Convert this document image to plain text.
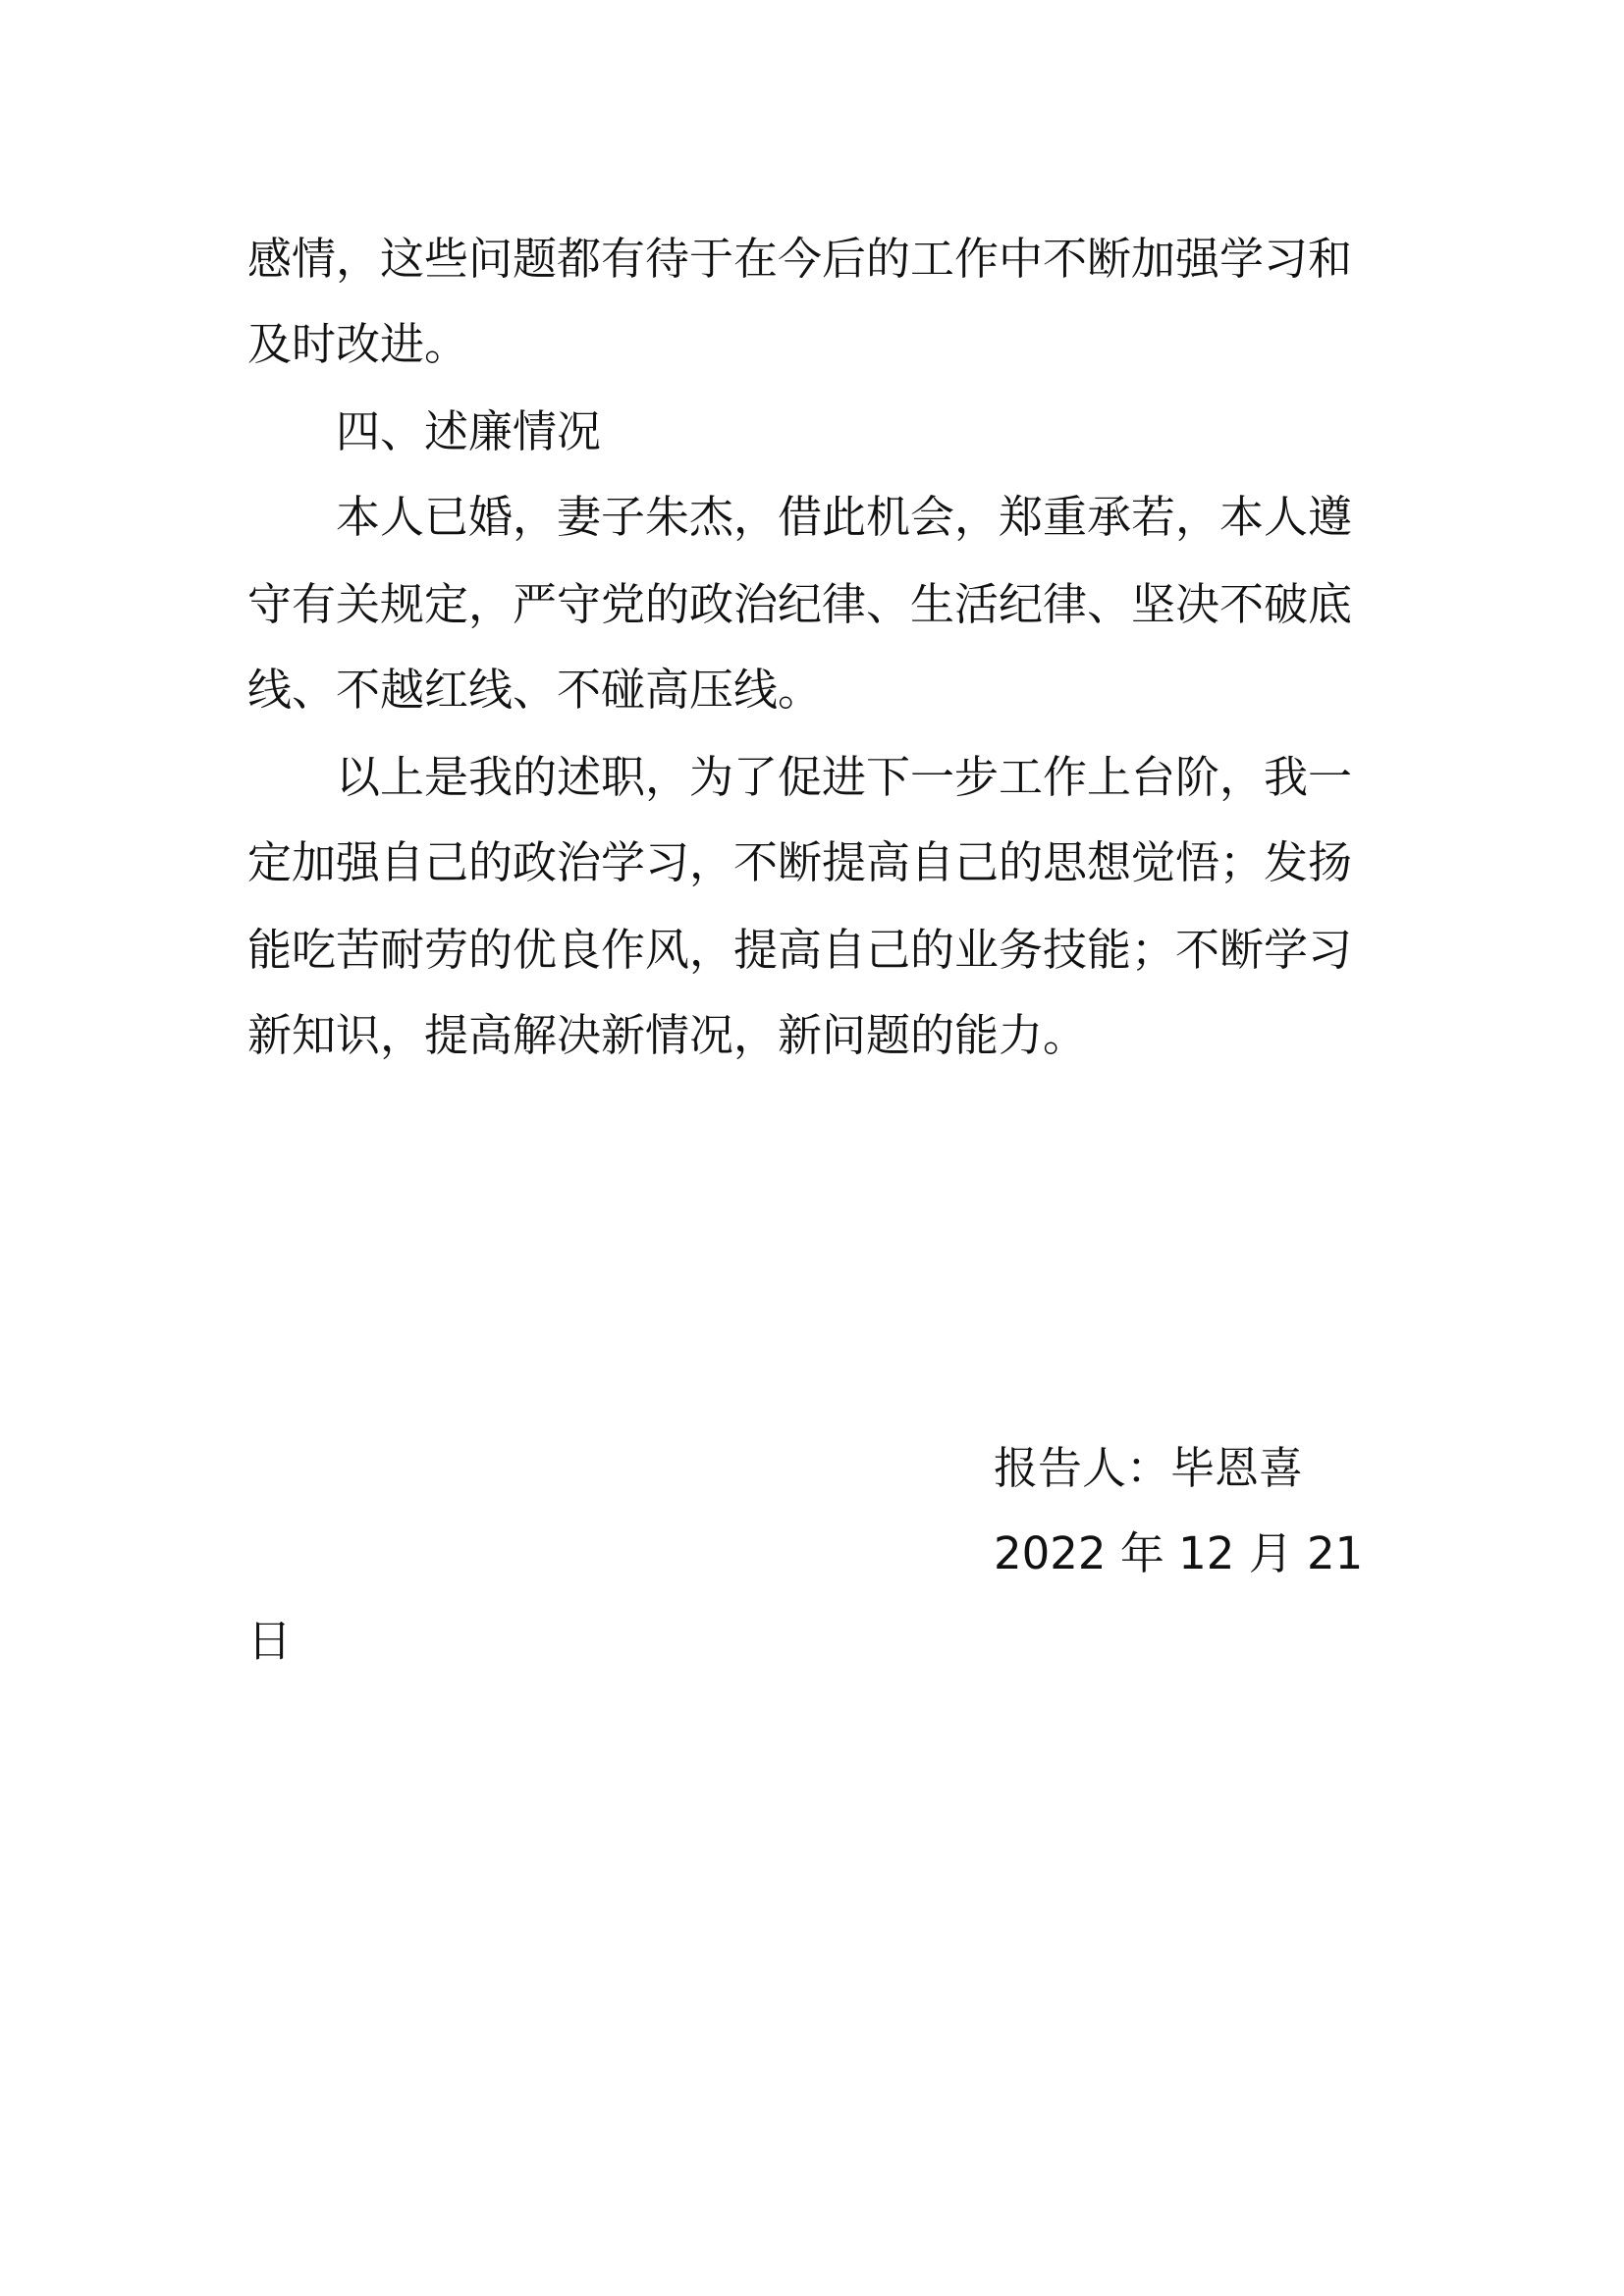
感情，这些问题都有待于在今后的工作中不断加强学习和
及时改进。
四、述廉情况
本人已婚，妻子朱杰，借此机会，郑重承若，本人遵
守有关规定，严守党的政治纪律、生活纪律、坚决不破底
线、不越红线、不碰高压线。
以上是我的述职，为了促进下一步工作上台阶，我一
定加强自己的政治学习，不断提高自己的思想觉悟；发扬
能吃苦耐劳的优良作风，提高自己的业务技能；不断学习
新知识，提高解决新情况，新问题的能力。
报告人：毕恩喜
2022 年 12 月 21
日
